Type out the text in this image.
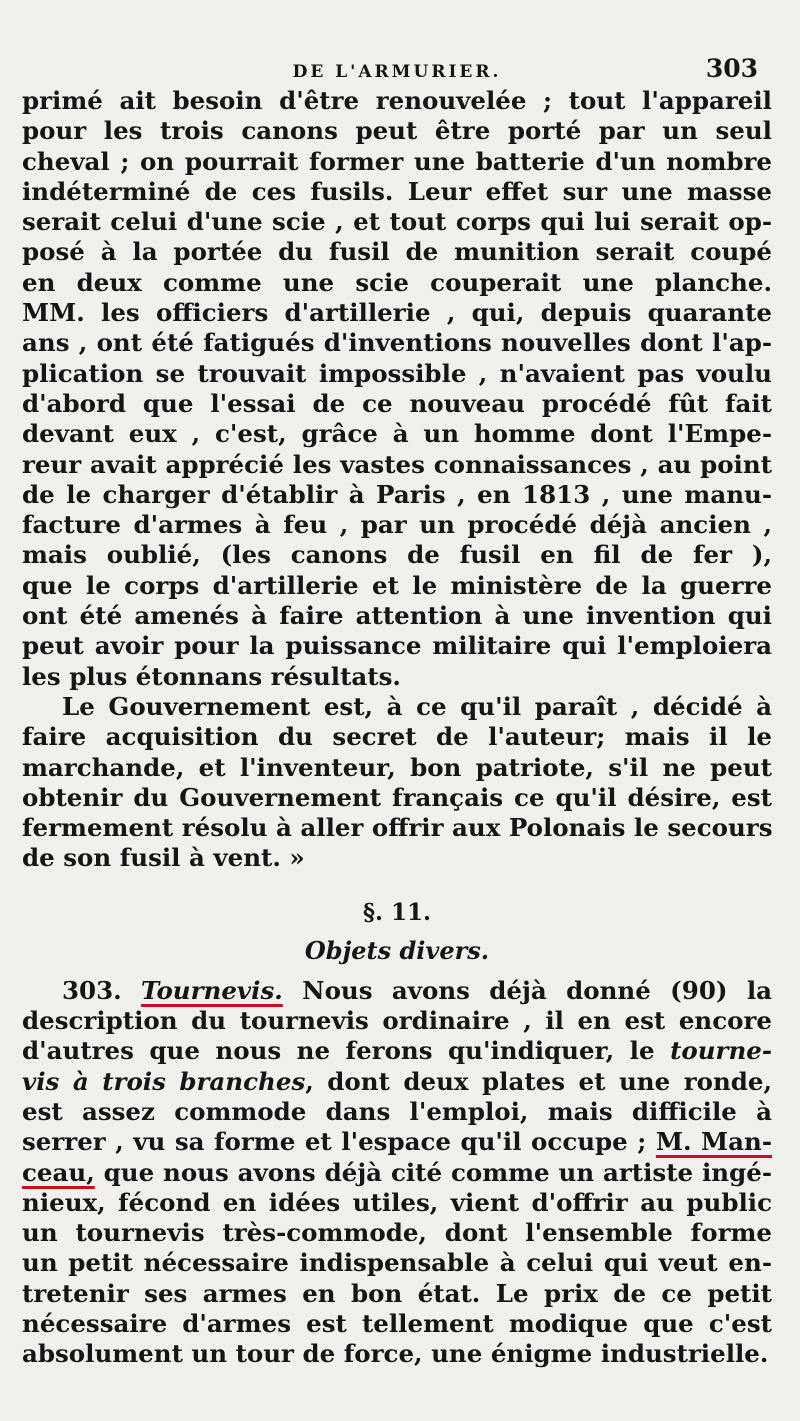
DE L'ARMURIER.	303
primé ait besoin d'être renouvelée ; tout l'appareil
pour les trois canons peut être porté par un seul
cheval ; on pourrait former une batterie d'un nombre
indéterminé de ces fusils. Leur effet sur une masse
serait celui d'une scie , et tout corps qui lui serait op-
posé à la portée du fusil de munition serait coupé
en deux comme une scie couperait une planche.
MM. les officiers d'artillerie , qui, depuis quarante
ans , ont été fatigués d'inventions nouvelles dont l'ap-
plication se trouvait impossible , n'avaient pas voulu
d'abord que l'essai de ce nouveau procédé fût fait
devant eux , c'est, grâce à un homme dont l'Empe-
reur avait apprécié les vastes connaissances , au point
de le charger d'établir à Paris , en 1813 , une manu-
facture d'armes à feu , par un procédé déjà ancien ,
mais oublié, (les canons de fusil en fil de fer ),
que le corps d'artillerie et le ministère de la guerre
ont été amenés à faire attention à une invention qui
peut avoir pour la puissance militaire qui l'emploiera
les plus étonnans résultats.
Le Gouvernement est, à ce qu'il paraît , décidé à
faire acquisition du secret de l'auteur; mais il le
marchande, et l'inventeur, bon patriote, s'il ne peut
obtenir du Gouvernement français ce qu'il désire, est
fermement résolu à aller offrir aux Polonais le secours
de son fusil à vent. »
§. 11.
Objets divers.
303. Tournevis. Nous avons déjà donné (90) la
description du tournevis ordinaire , il en est encore
d'autres que nous ne ferons qu'indiquer, le tourne-
vis à trois branches, dont deux plates et une ronde,
est assez commode dans l'emploi, mais difficile à
serrer , vu sa forme et l'espace qu'il occupe ; M. Man-
ceau, que nous avons déjà cité comme un artiste ingé-
nieux, fécond en idées utiles, vient d'offrir au public
un tournevis très-commode, dont l'ensemble forme
un petit nécessaire indispensable à celui qui veut en-
tretenir ses armes en bon état. Le prix de ce petit
nécessaire d'armes est tellement modique que c'est
absolument un tour de force, une énigme industrielle.
